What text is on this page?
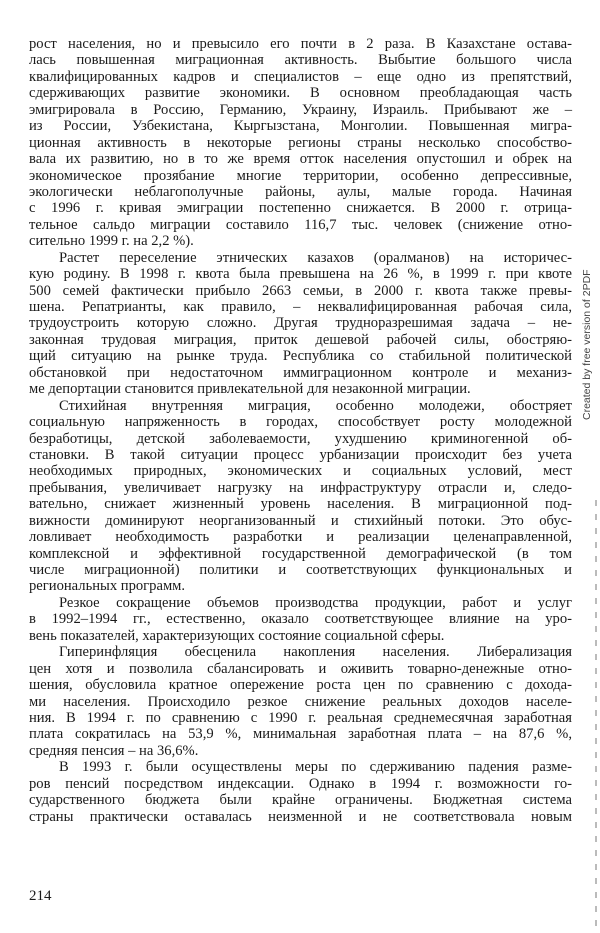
рост населения, но и превысило его почти в 2 раза. В Казахстане остава-
лась повышенная миграционная активность. Выбытие большого числа
квалифицированных кадров и специалистов – еще одно из препятствий,
сдерживающих развитие экономики. В основном преобладающая часть
эмигрировала в Россию, Германию, Украину, Израиль. Прибывают же –
из России, Узбекистана, Кыргызстана, Монголии. Повышенная мигра-
ционная активность в некоторые регионы страны несколько способство-
вала их развитию, но в то же время отток населения опустошил и обрек на
экономическое прозябание многие территории, особенно депрессивные,
экологически неблагополучные районы, аулы, малые города. Начиная
с 1996 г. кривая эмиграции постепенно снижается. В 2000 г. отрица-
тельное сальдо миграции составило 116,7 тыс. человек (снижение отно-
сительно 1999 г. на 2,2 %).
Растет переселение этнических казахов (оралманов) на историчес-
кую родину. В 1998 г. квота была превышена на 26 %, в 1999 г. при квоте
500 семей фактически прибыло 2663 семьи, в 2000 г. квота также превы-
шена. Репатрианты, как правило, – неквалифицированная рабочая сила,
трудоустроить которую сложно. Другая трудноразрешимая задача – не-
законная трудовая миграция, приток дешевой рабочей силы, обостряю-
щий ситуацию на рынке труда. Республика со стабильной политической
обстановкой при недостаточном иммиграционном контроле и механиз-
ме депортации становится привлекательной для незаконной миграции.
Стихийная внутренняя миграция, особенно молодежи, обостряет
социальную напряженность в городах, способствует росту молодежной
безработицы, детской заболеваемости, ухудшению криминогенной об-
становки. В такой ситуации процесс урбанизации происходит без учета
необходимых природных, экономических и социальных условий, мест
пребывания, увеличивает нагрузку на инфраструктуру отрасли и, следо-
вательно, снижает жизненный уровень населения. В миграционной под-
вижности доминируют неорганизованный и стихийный потоки. Это обус-
ловливает необходимость разработки и реализации целенаправленной,
комплексной и эффективной государственной демографической (в том
числе миграционной) политики и соответствующих функциональных и
региональных программ.
Резкое сокращение объемов производства продукции, работ и услуг
в 1992–1994 гг., естественно, оказало соответствующее влияние на уро-
вень показателей, характеризующих состояние социальной сферы.
Гиперинфляция обесценила накопления населения. Либерализация
цен хотя и позволила сбалансировать и оживить товарно-денежные отно-
шения, обусловила кратное опережение роста цен по сравнению с дохода-
ми населения. Происходило резкое снижение реальных доходов населе-
ния. В 1994 г. по сравнению с 1990 г. реальная среднемесячная заработная
плата сократилась на 53,9 %, минимальная заработная плата – на 87,6 %,
средняя пенсия – на 36,6%.
В 1993 г. были осуществлены меры по сдерживанию падения разме-
ров пенсий посредством индексации. Однако в 1994 г. возможности го-
сударственного бюджета были крайне ограничены. Бюджетная система
страны практически оставалась неизменной и не соответствовала новым
214
Created by free version of 2PDF
